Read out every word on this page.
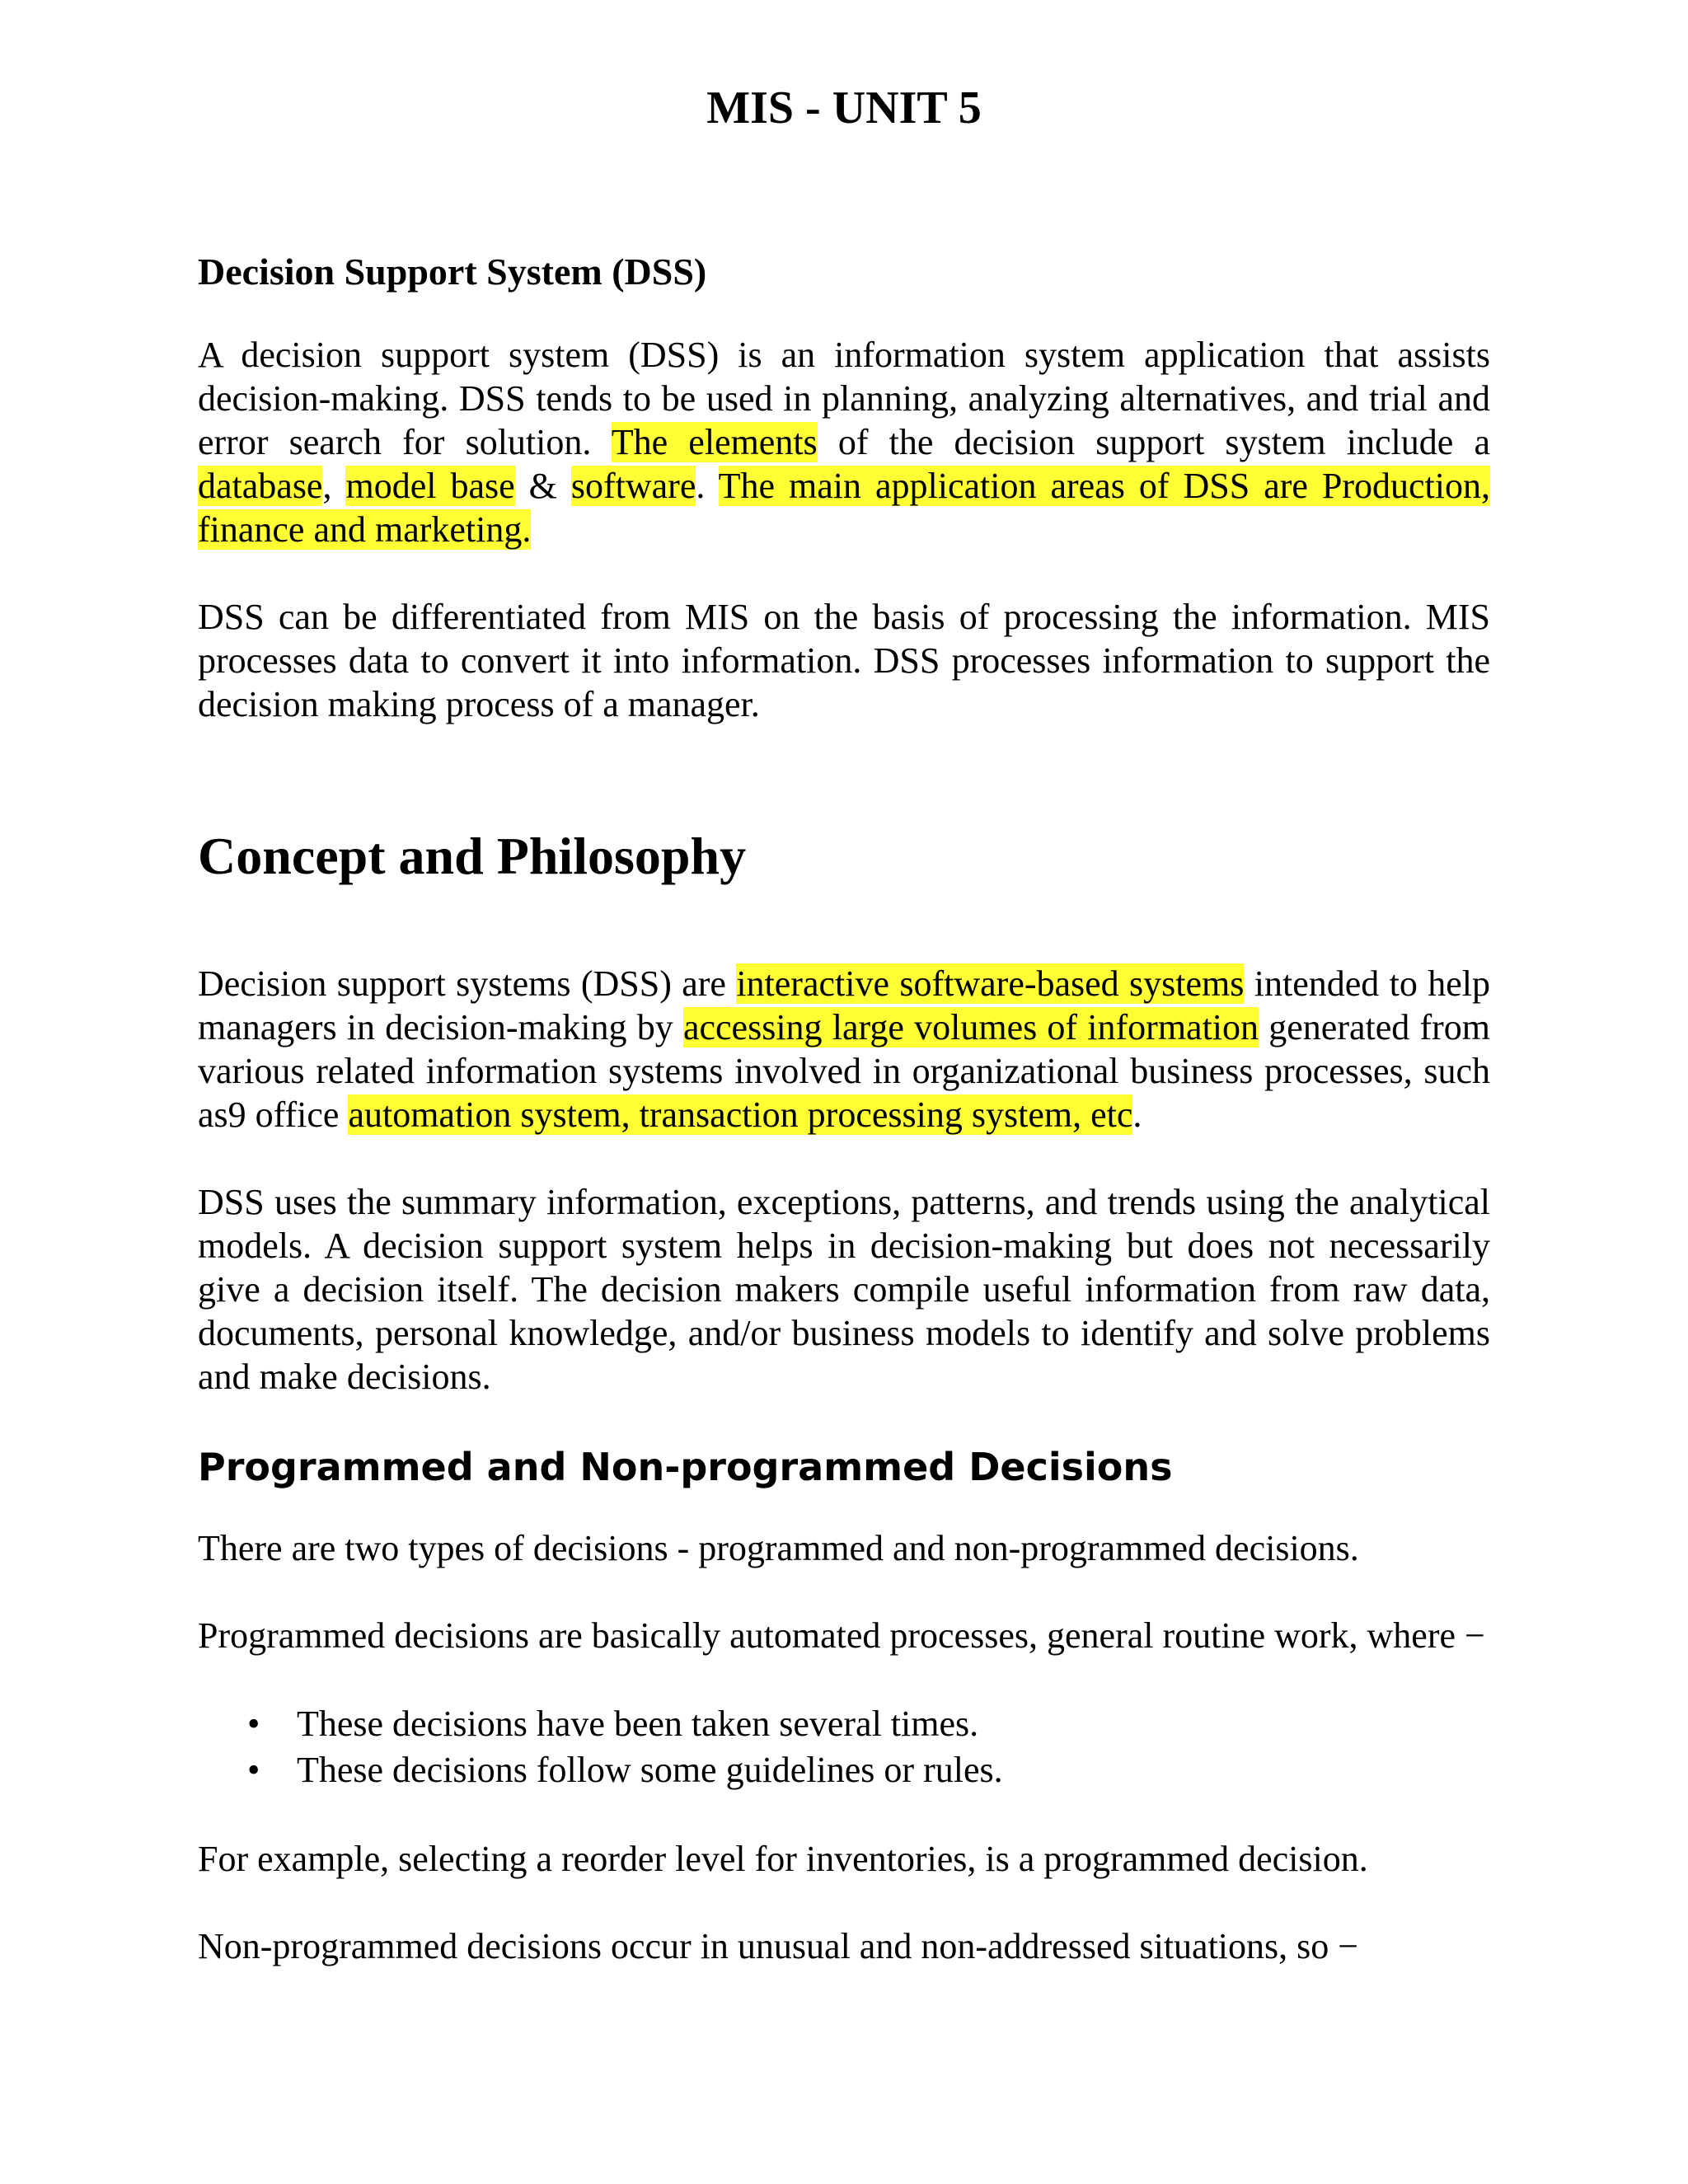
MIS - UNIT 5
Decision Support System (DSS)

A decision support system (DSS) is an information system application that assists decision-making. DSS tends to be used in planning, analyzing alternatives, and trial and error search for solution. The elements of the decision support system include a database, model base & software. The main application areas of DSS are Production, finance and marketing.

DSS can be differentiated from MIS on the basis of processing the information. MIS processes data to convert it into information. DSS processes information to support the decision making process of a manager.

Concept and Philosophy

Decision support systems (DSS) are interactive software-based systems intended to help managers in decision-making by accessing large volumes of information generated from various related information systems involved in organizational business processes, such as9 office automation system, transaction processing system, etc.

DSS uses the summary information, exceptions, patterns, and trends using the analytical models. A decision support system helps in decision-making but does not necessarily give a decision itself. The decision makers compile useful information from raw data, documents, personal knowledge, and/or business models to identify and solve problems and make decisions.

Programmed and Non-programmed Decisions

There are two types of decisions - programmed and non-programmed decisions.

Programmed decisions are basically automated processes, general routine work, where −

• These decisions have been taken several times.
• These decisions follow some guidelines or rules.

For example, selecting a reorder level for inventories, is a programmed decision.

Non-programmed decisions occur in unusual and non-addressed situations, so −
